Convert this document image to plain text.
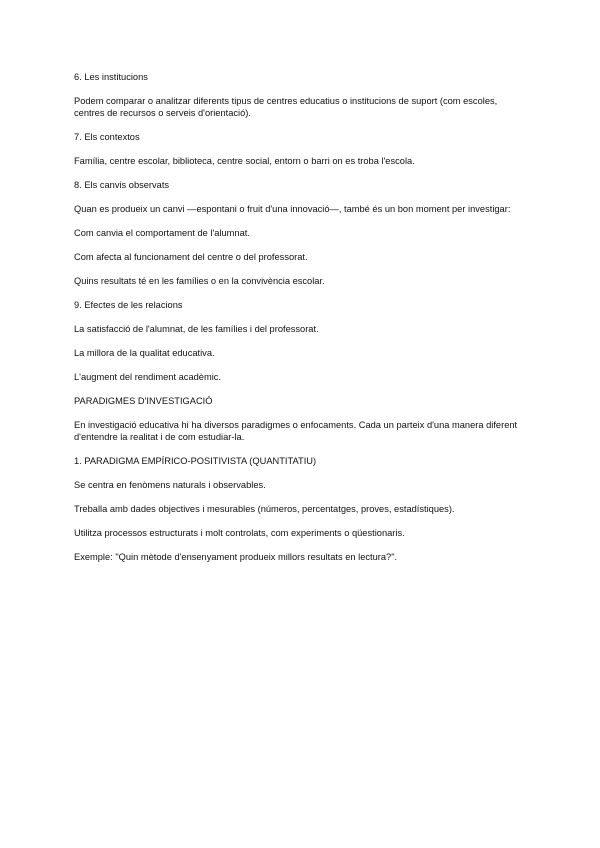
6. Les institucions

Podem comparar o analitzar diferents tipus de centres educatius o institucions de suport (com escoles, centres de recursos o serveis d'orientació).

7. Els contextos

Família, centre escolar, biblioteca, centre social, entorn o barri on es troba l'escola.

8. Els canvis observats

Quan es produeix un canvi —espontani o fruit d'una innovació—, també és un bon moment per investigar:

Com canvia el comportament de l'alumnat.

Com afecta al funcionament del centre o del professorat.

Quins resultats té en les famílies o en la convivència escolar.

9. Efectes de les relacions

La satisfacció de l'alumnat, de les famílies i del professorat.

La millora de la qualitat educativa.

L'augment del rendiment acadèmic.

PARADIGMES D'INVESTIGACIÓ

En investigació educativa hi ha diversos paradigmes o enfocaments. Cada un parteix d'una manera diferent d'entendre la realitat i de com estudiar-la.

1. PARADIGMA EMPÍRICO-POSITIVISTA (QUANTITATIU)

Se centra en fenòmens naturals i observables.

Treballa amb dades objectives i mesurables (números, percentatges, proves, estadístiques).

Utilitza processos estructurats i molt controlats, com experiments o qüestionaris.

Exemple: "Quin mètode d'ensenyament produeix millors resultats en lectura?".
